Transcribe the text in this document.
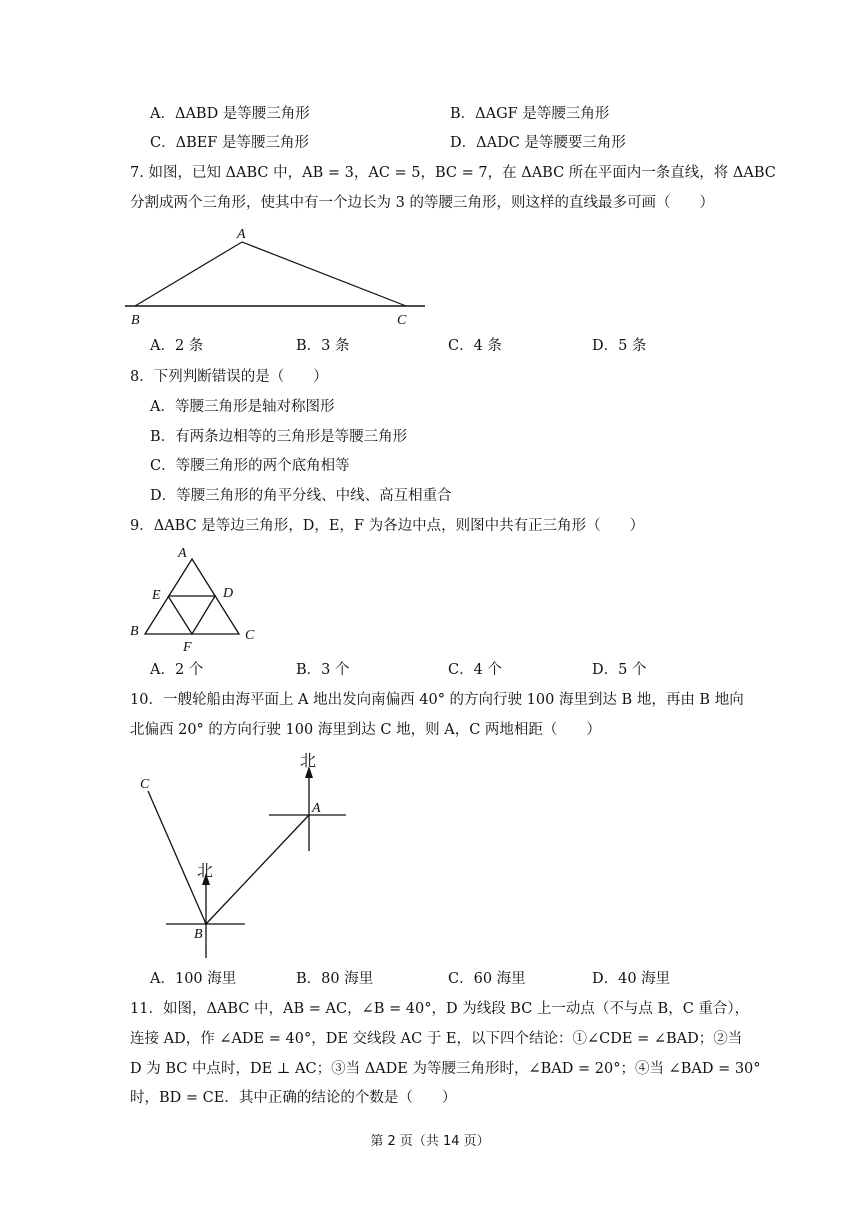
A．ΔABD 是等腰三角形	B．ΔAGF 是等腰三角形
C．ΔBEF 是等腰三角形	D．ΔADC 是等腰要三角形
7. 如图，已知 ΔABC 中，AB = 3，AC = 5，BC = 7，在 ΔABC 所在平面内一条直线，将 ΔABC
分割成两个三角形，使其中有一个边长为 3 的等腰三角形，则这样的直线最多可画（　　）
A
B	C
A．2 条	B．3 条	C．4 条	D．5 条
8．下列判断错误的是（　　）
A．等腰三角形是轴对称图形
B．有两条边相等的三角形是等腰三角形
C．等腰三角形的两个底角相等
D．等腰三角形的角平分线、中线、高互相重合
9．ΔABC 是等边三角形，D，E，F 为各边中点，则图中共有正三角形（　　）
A
E	D
B	C
F
A．2 个	B．3 个	C．4 个	D．5 个
10．一艘轮船由海平面上 A 地出发向南偏西 40° 的方向行驶 100 海里到达 B 地，再由 B 地向
北偏西 20° 的方向行驶 100 海里到达 C 地，则 A，C 两地相距（　　）
北
北
A
B
C
A．100 海里	B．80 海里	C．60 海里	D．40 海里
11．如图，ΔABC 中，AB = AC，∠B = 40°，D 为线段 BC 上一动点（不与点 B，C 重合），
连接 AD，作 ∠ADE = 40°，DE 交线段 AC 于 E，以下四个结论：①∠CDE = ∠BAD；②当
D 为 BC 中点时，DE ⊥ AC；③当 ΔADE 为等腰三角形时，∠BAD = 20°；④当 ∠BAD = 30°
时，BD = CE．其中正确的结论的个数是（　　）
第 2 页（共 14 页）
